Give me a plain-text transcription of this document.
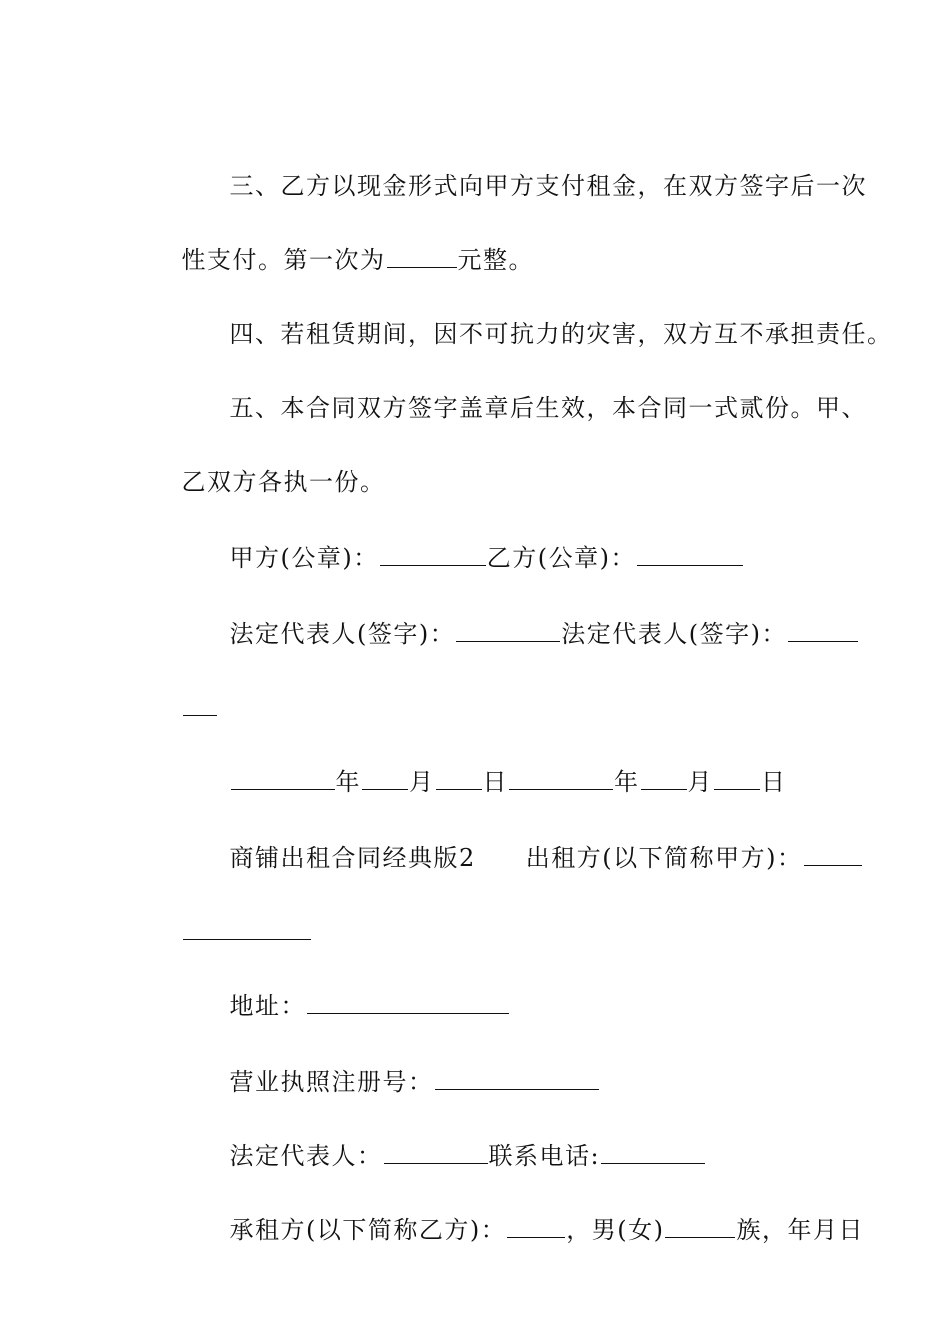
三、乙方以现金形式向甲方支付租金，在双方签字后一次

性支付。第一次为	元整。

四、若租赁期间，因不可抗力的灾害，双方互不承担责任。

五、本合同双方签字盖章后生效，本合同一式贰份。甲、

乙双方各执一份。

甲方(公章)：	乙方(公章)：

法定代表人(签字)：	法定代表人(签字)：

年 月 日	年 月 日

商铺出租合同经典版2 出租方(以下简称甲方)：

地址：

营业执照注册号：

法定代表人：	联系电话:

承租方(以下简称乙方)：	，男(女)	族，年月日
